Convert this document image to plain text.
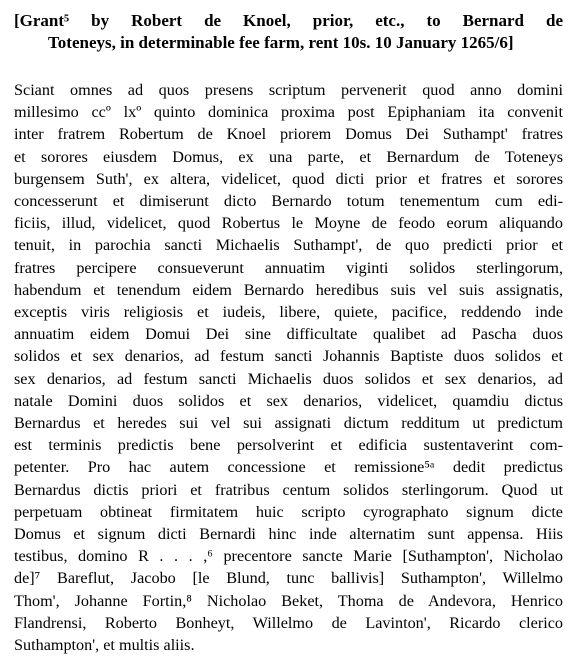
[Grant⁵ by Robert de Knoel, prior, etc., to Bernard de
Toteneys, in determinable fee farm, rent 10s. 10 January 1265/6]
Sciant omnes ad quos presens scriptum pervenerit quod anno domini
millesimo ccº lxº quinto dominica proxima post Epiphaniam ita convenit
inter fratrem Robertum de Knoel priorem Domus Dei Suthampt' fratres
et sorores eiusdem Domus, ex una parte, et Bernardum de Toteneys
burgensem Suth', ex altera, videlicet, quod dicti prior et fratres et sorores
concesserunt et dimiserunt dicto Bernardo totum tenementum cum edi-
ficiis, illud, videlicet, quod Robertus le Moyne de feodo eorum aliquando
tenuit, in parochia sancti Michaelis Suthampt', de quo predicti prior et
fratres percipere consueverunt annuatim viginti solidos sterlingorum,
habendum et tenendum eidem Bernardo heredibus suis vel suis assignatis,
exceptis viris religiosis et iudeis, libere, quiete, pacifice, reddendo inde
annuatim eidem Domui Dei sine difficultate qualibet ad Pascha duos
solidos et sex denarios, ad festum sancti Johannis Baptiste duos solidos et
sex denarios, ad festum sancti Michaelis duos solidos et sex denarios, ad
natale Domini duos solidos et sex denarios, videlicet, quamdiu dictus
Bernardus et heredes sui vel sui assignati dictum redditum ut predictum
est terminis predictis bene persolverint et edificia sustentaverint com-
petenter. Pro hac autem concessione et remissione⁵ᵃ dedit predictus
Bernardus dictis priori et fratribus centum solidos sterlingorum. Quod ut
perpetuam obtineat firmitatem huic scripto cyrographato signum dicte
Domus et signum dicti Bernardi hinc inde alternatim sunt appensa. Hiis
testibus, domino R . . . ,⁶ precentore sancte Marie [Suthampton', Nicholao
de]⁷ Bareflut, Jacobo [le Blund, tunc ballivis] Suthampton', Willelmo
Thom', Johanne Fortin,⁸ Nicholao Beket, Thoma de Andevora, Henrico
Flandrensi, Roberto Bonheyt, Willelmo de Lavinton', Ricardo clerico
Suthampton', et multis aliis.
